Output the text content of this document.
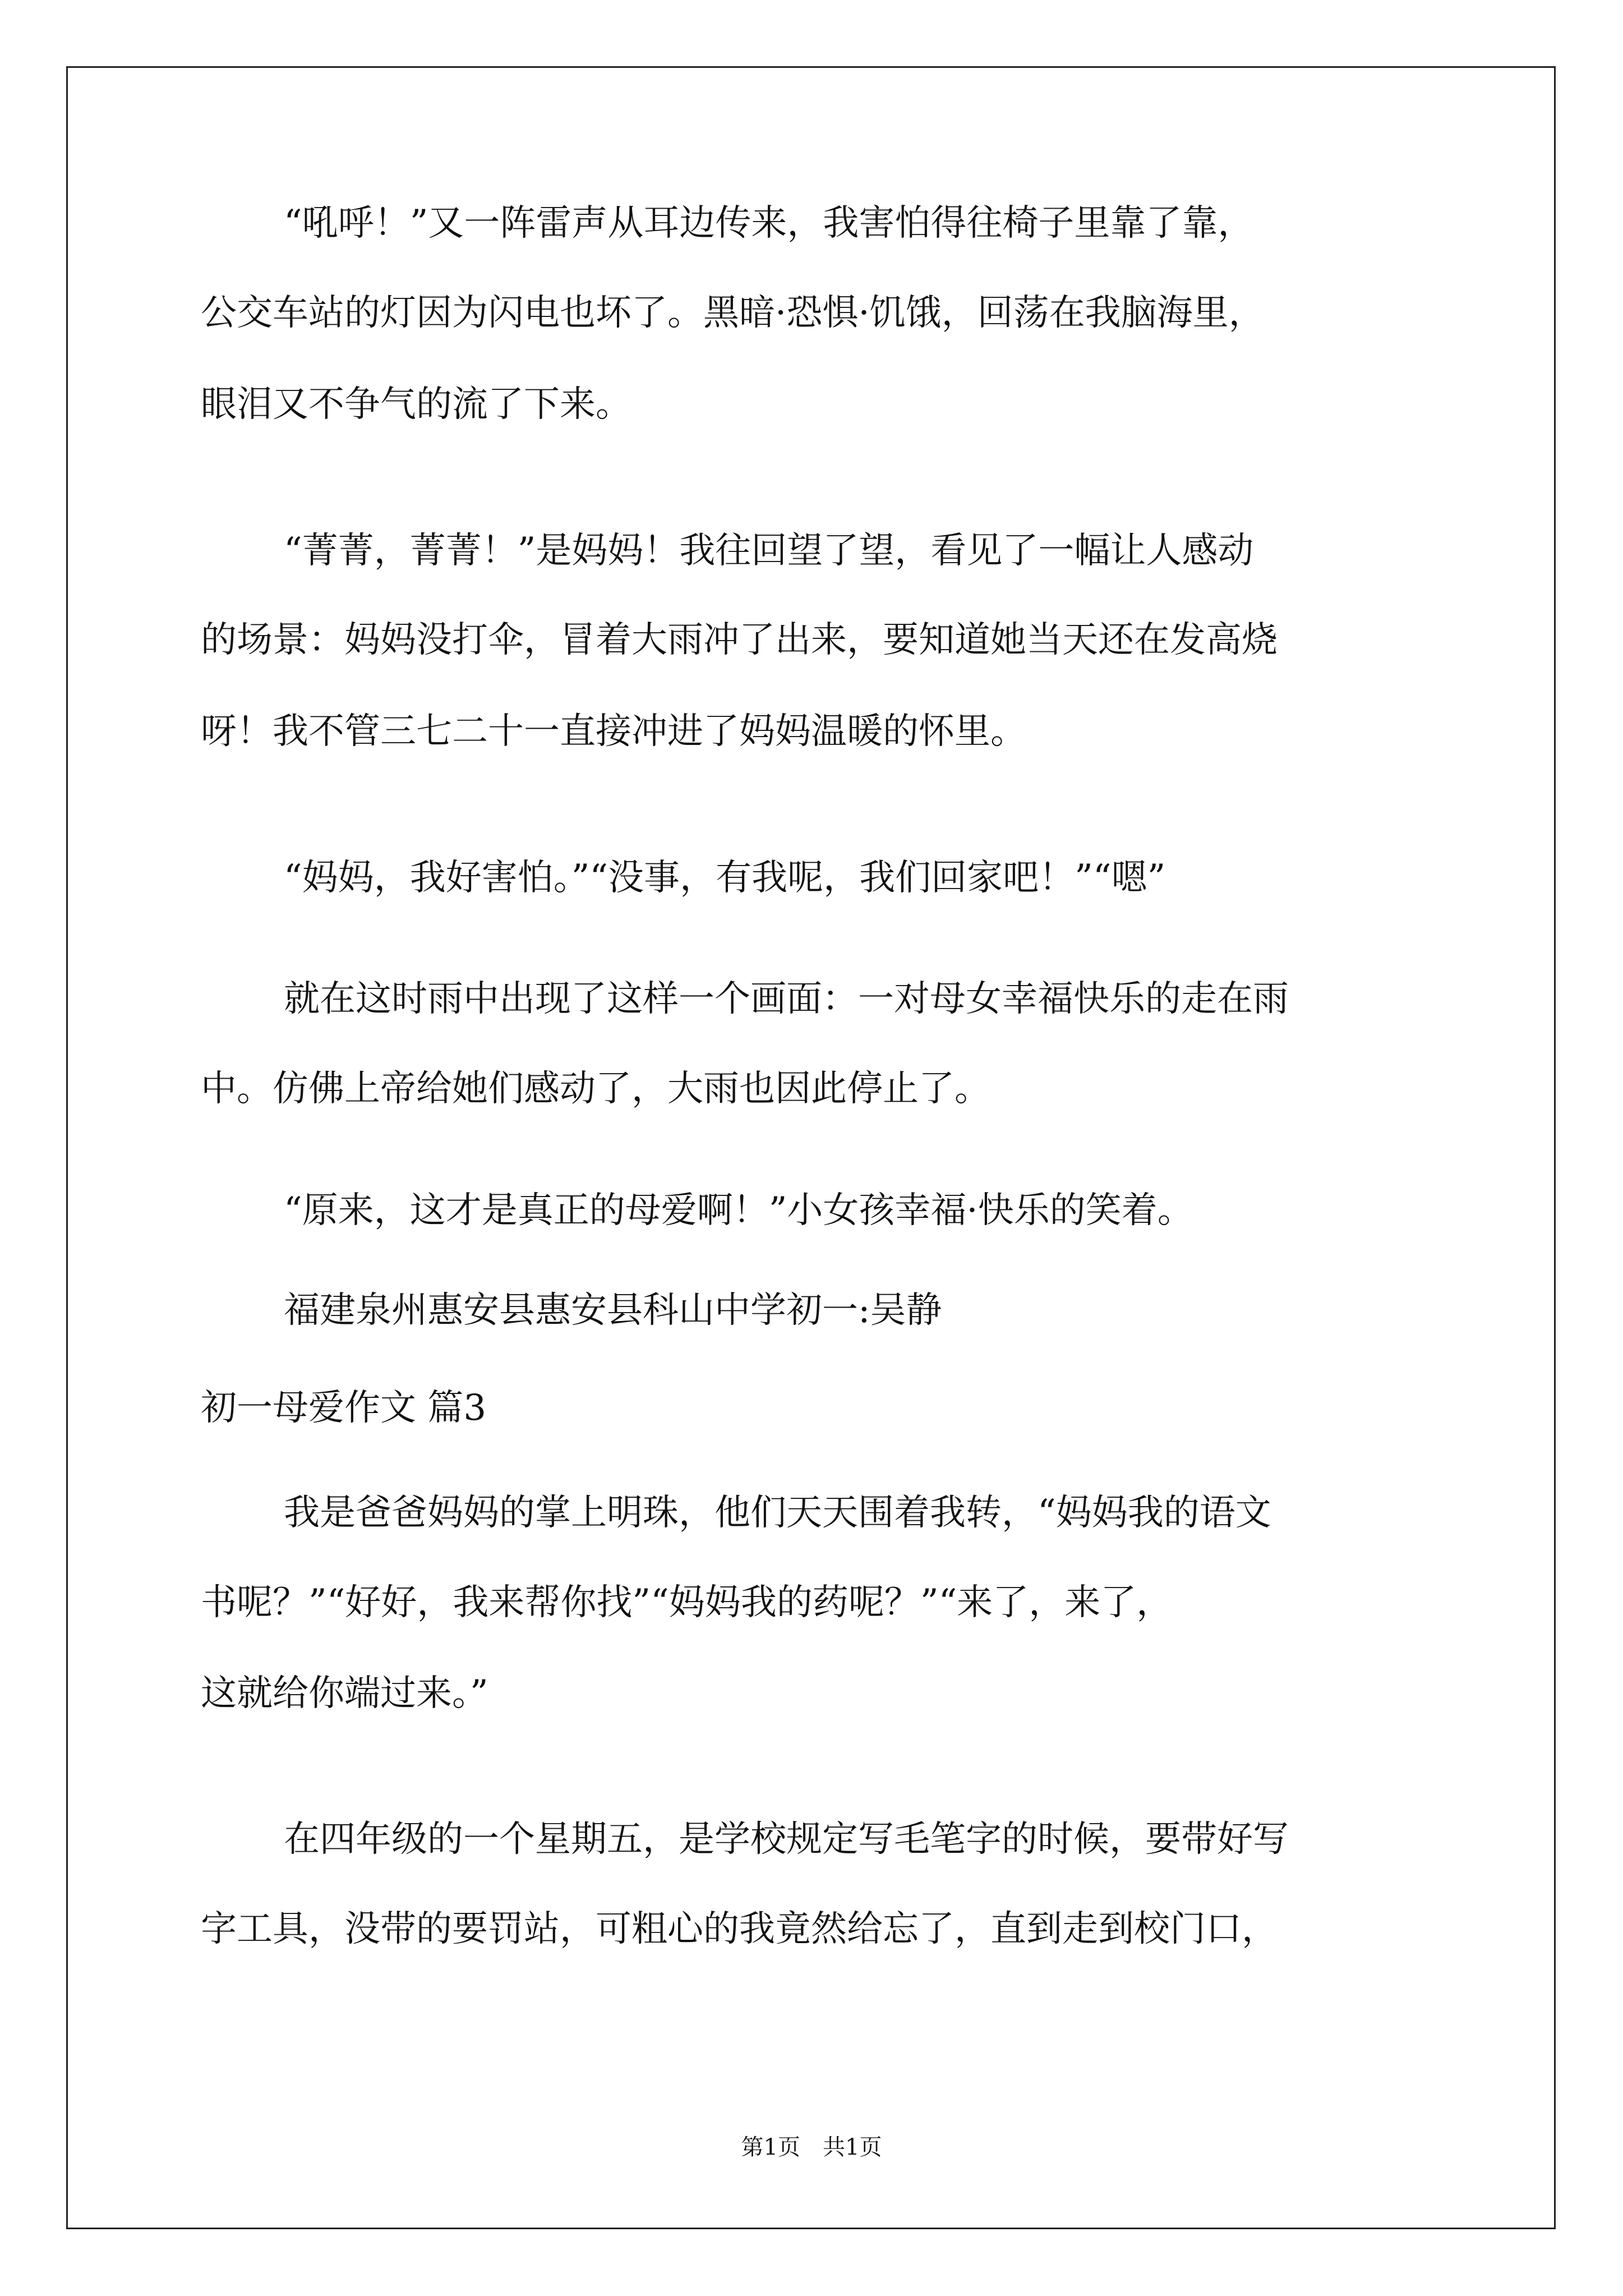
“吼呼！”又一阵雷声从耳边传来，我害怕得往椅子里靠了靠，
公交车站的灯因为闪电也坏了。黑暗·恐惧·饥饿，回荡在我脑海里，
眼泪又不争气的流了下来。
“菁菁，菁菁！”是妈妈！我往回望了望，看见了一幅让人感动
的场景：妈妈没打伞，冒着大雨冲了出来，要知道她当天还在发高烧
呀！我不管三七二十一直接冲进了妈妈温暖的怀里。
“妈妈，我好害怕。”“没事，有我呢，我们回家吧！”“嗯”
就在这时雨中出现了这样一个画面：一对母女幸福快乐的走在雨
中。仿佛上帝给她们感动了，大雨也因此停止了。
“原来，这才是真正的母爱啊！”小女孩幸福·快乐的笑着。
福建泉州惠安县惠安县科山中学初一:吴静
初一母爱作文 篇3
我是爸爸妈妈的掌上明珠，他们天天围着我转，“妈妈我的语文
书呢？”“好好，我来帮你找”“妈妈我的药呢？”“来了，来了，
这就给你端过来。”
在四年级的一个星期五，是学校规定写毛笔字的时候，要带好写
字工具，没带的要罚站，可粗心的我竟然给忘了，直到走到校门口，
第1页　共1页
